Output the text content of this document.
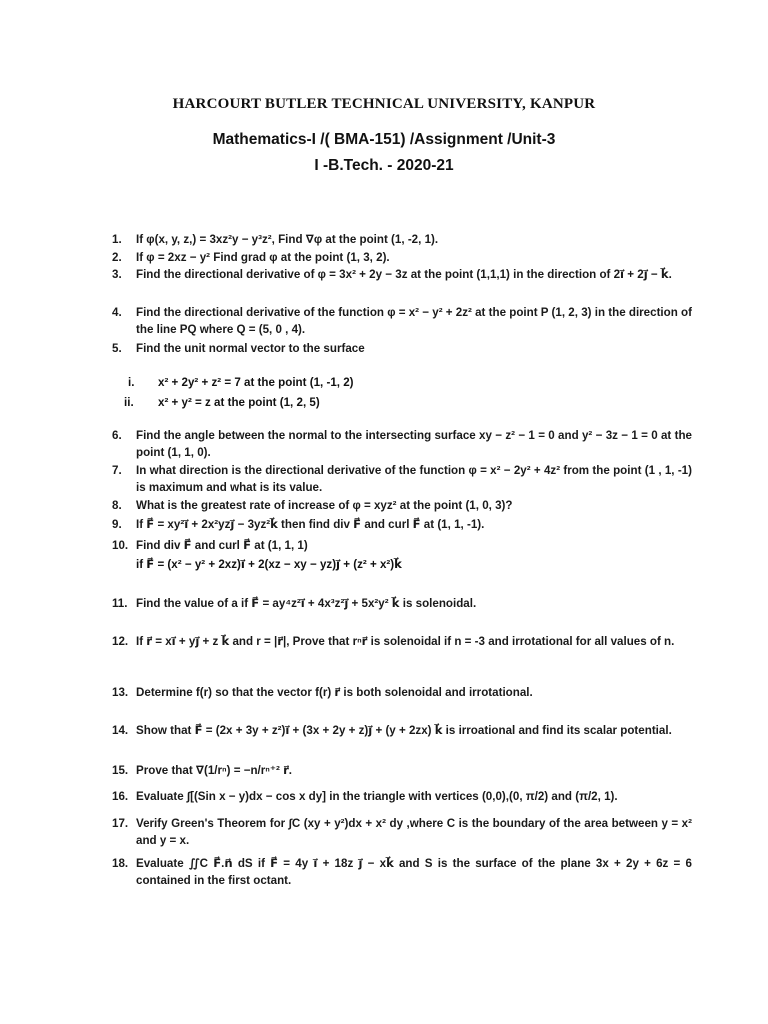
HARCOURT BUTLER TECHNICAL UNIVERSITY, KANPUR
Mathematics-I /( BMA-151) /Assignment /Unit-3
I -B.Tech. - 2020-21
1. If φ(x, y, z,) = 3xz²y − y³z², Find ∇φ at the point (1, -2, 1).
2. If φ = 2xz − y² Find grad φ at the point (1, 3, 2).
3. Find the directional derivative of φ = 3x² + 2y − 3z at the point (1,1,1) in the direction of 2i⃗ + 2j⃗ − k⃗.
4. Find the directional derivative of the function φ = x² − y² + 2z² at the point P (1, 2, 3) in the direction of the line PQ where Q = (5, 0 , 4).
5. Find the unit normal vector to the surface
i. x² + 2y² + z² = 7 at the point (1, -1, 2)
ii. x² + y² = z at the point (1, 2, 5)
6. Find the angle between the normal to the intersecting surface xy − z² − 1 = 0 and y² − 3z − 1 = 0 at the point (1, 1, 0).
7. In what direction is the directional derivative of the function φ = x² − 2y² + 4z² from the point (1 , 1, -1) is maximum and what is its value.
8. What is the greatest rate of increase of φ = xyz² at the point (1, 0, 3)?
9. If F⃗ = xy²i⃗ + 2x²yzj⃗ − 3yz²k⃗ then find div F⃗ and curl F⃗ at (1, 1, -1).
10. Find div F⃗ and curl F⃗ at (1, 1, 1)
if F⃗ = (x² − y² + 2xz)i⃗ + 2(xz − xy − yz)j⃗ + (z² + x²)k⃗
11. Find the value of a if F⃗ = ay⁴z²i⃗ + 4x³z²j⃗ + 5x²y² k⃗ is solenoidal.
12. If r⃗ = xi⃗ + yj⃗ + z k⃗ and r = |r⃗|, Prove that rⁿr⃗ is solenoidal if n = -3 and irrotational for all values of n.
13. Determine f(r) so that the vector f(r) r⃗ is both solenoidal and irrotational.
14. Show that F⃗ = (2x + 3y + z²)i⃗ + (3x + 2y + z)j⃗ + (y + 2zx) k⃗ is irroational and find its scalar potential.
15. Prove that ∇(1/rⁿ) = −n/rⁿ⁺² r⃗.
16. Evaluate ∫[(Sin x − y)dx − cos x dy] in the triangle with vertices (0,0),(0, π/2) and (π/2, 1).
17. Verify Green's Theorem for ∫C (xy + y²)dx + x² dy ,where C is the boundary of the area between y = x² and y = x.
18. Evaluate ∬C F⃗.n⃗ dS if F⃗ = 4y i⃗ + 18z j⃗ − xk⃗ and S is the surface of the plane 3x + 2y + 6z = 6 contained in the first octant.
